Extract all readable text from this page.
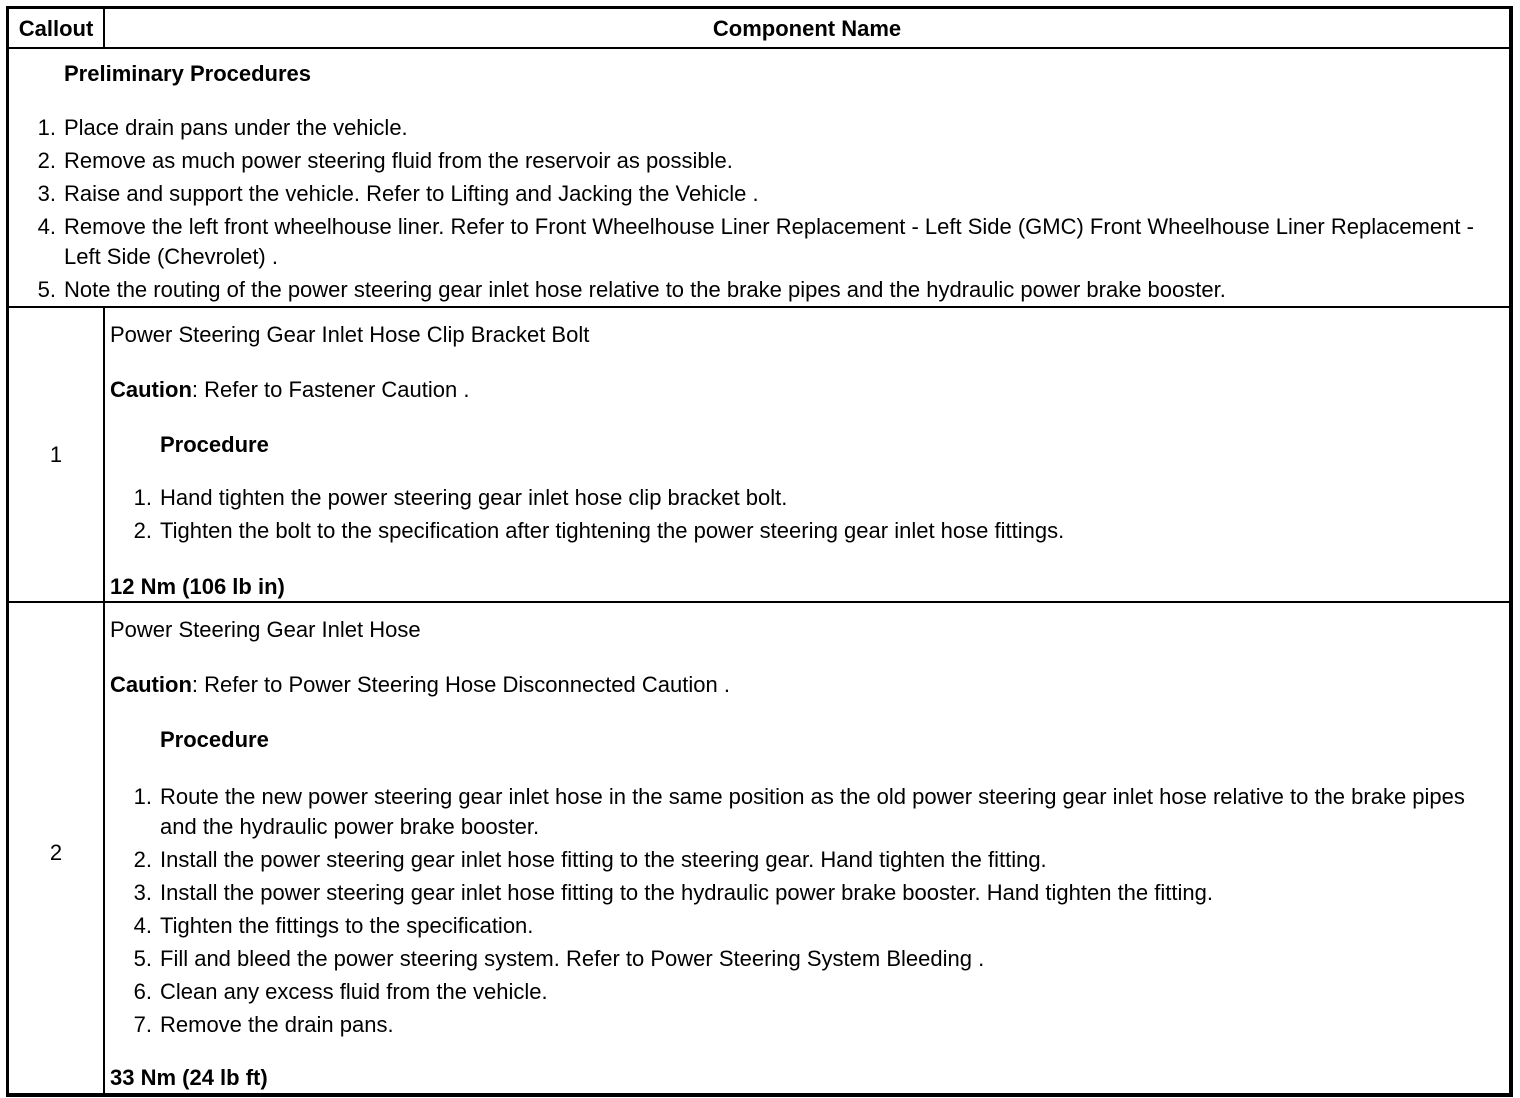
Callout	Component Name
Preliminary Procedures
1. Place drain pans under the vehicle.
2. Remove as much power steering fluid from the reservoir as possible.
3. Raise and support the vehicle. Refer to Lifting and Jacking the Vehicle .
4. Remove the left front wheelhouse liner. Refer to Front Wheelhouse Liner Replacement - Left Side (GMC) Front Wheelhouse Liner Replacement - Left Side (Chevrolet) .
5. Note the routing of the power steering gear inlet hose relative to the brake pipes and the hydraulic power brake booster.
1
Power Steering Gear Inlet Hose Clip Bracket Bolt
Caution: Refer to Fastener Caution .
Procedure
1. Hand tighten the power steering gear inlet hose clip bracket bolt.
2. Tighten the bolt to the specification after tightening the power steering gear inlet hose fittings.
12 Nm (106 lb in)
2
Power Steering Gear Inlet Hose
Caution: Refer to Power Steering Hose Disconnected Caution .
Procedure
1. Route the new power steering gear inlet hose in the same position as the old power steering gear inlet hose relative to the brake pipes and the hydraulic power brake booster.
2. Install the power steering gear inlet hose fitting to the steering gear. Hand tighten the fitting.
3. Install the power steering gear inlet hose fitting to the hydraulic power brake booster. Hand tighten the fitting.
4. Tighten the fittings to the specification.
5. Fill and bleed the power steering system. Refer to Power Steering System Bleeding .
6. Clean any excess fluid from the vehicle.
7. Remove the drain pans.
33 Nm (24 lb ft)
